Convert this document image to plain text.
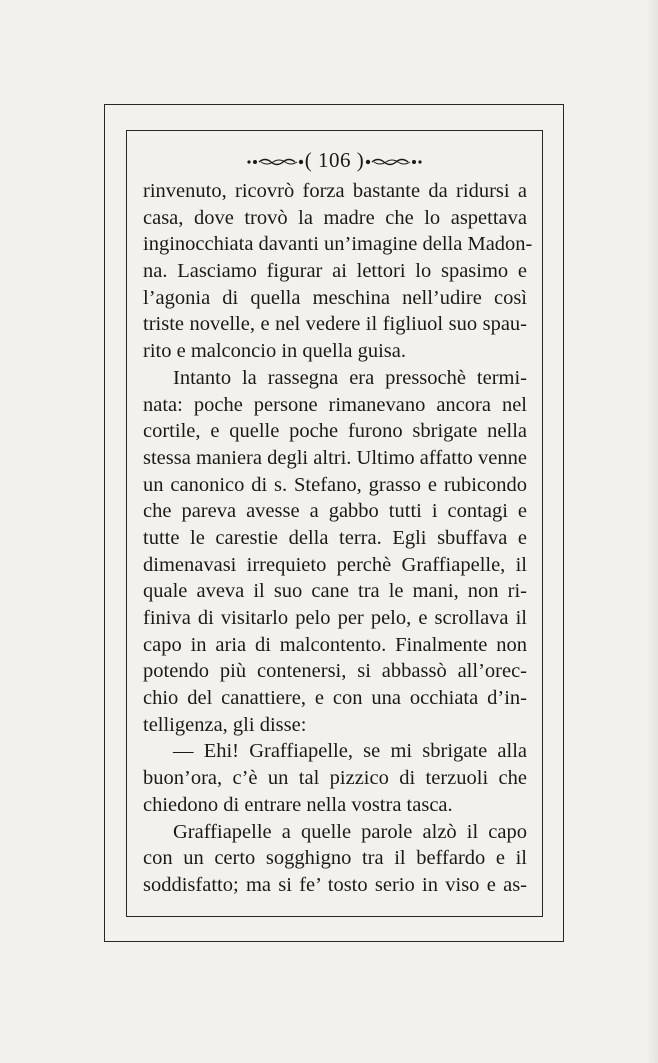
( 106 )
rinvenuto, ricovrò forza bastante da ridursi a
casa, dove trovò la madre che lo aspettava
inginocchiata davanti un’imagine della Madon-
na. Lasciamo figurar ai lettori lo spasimo e
l’agonia di quella meschina nell’udire così
triste novelle, e nel vedere il figliuol suo spau-
rito e malconcio in quella guisa.
Intanto la rassegna era pressochè termi-
nata: poche persone rimanevano ancora nel
cortile, e quelle poche furono sbrigate nella
stessa maniera degli altri. Ultimo affatto venne
un canonico di s. Stefano, grasso e rubicondo
che pareva avesse a gabbo tutti i contagi e
tutte le carestie della terra. Egli sbuffava e
dimenavasi irrequieto perchè Graffiapelle, il
quale aveva il suo cane tra le mani, non ri-
finiva di visitarlo pelo per pelo, e scrollava il
capo in aria di malcontento. Finalmente non
potendo più contenersi, si abbassò all’orec-
chio del canattiere, e con una occhiata d’in-
telligenza, gli disse:
— Ehi! Graffiapelle, se mi sbrigate alla
buon’ora, c’è un tal pizzico di terzuoli che
chiedono di entrare nella vostra tasca.
Graffiapelle a quelle parole alzò il capo
con un certo sogghigno tra il beffardo e il
soddisfatto; ma si fe’ tosto serio in viso e as-
